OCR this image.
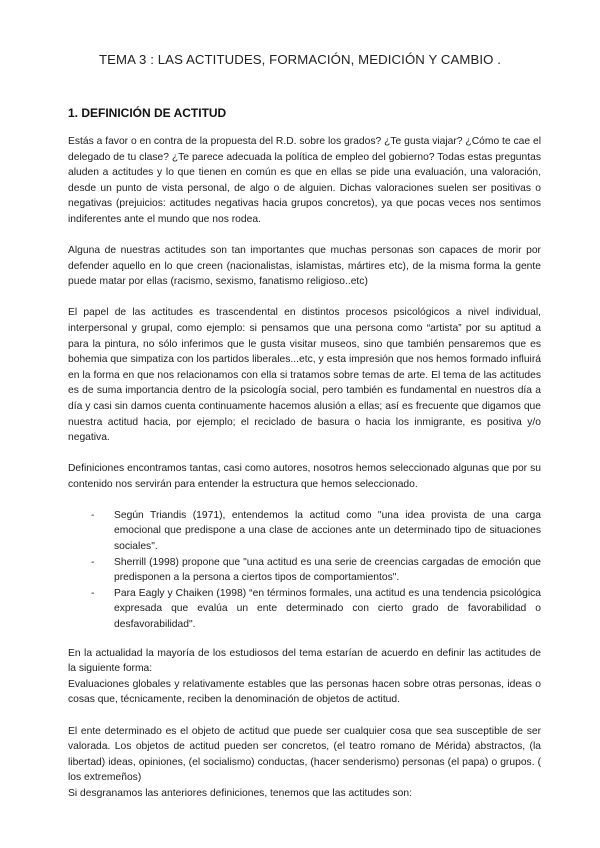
TEMA 3 : LAS ACTITUDES, FORMACIÓN, MEDICIÓN Y CAMBIO .
1. DEFINICIÓN DE ACTITUD

Estás a favor o en contra de la propuesta del R.D. sobre los grados? ¿Te gusta viajar? ¿Cómo te cae el delegado de tu clase? ¿Te parece adecuada la política de empleo del gobierno? Todas estas preguntas aluden a actitudes y lo que tienen en común es que en ellas se pide una evaluación, una valoración, desde un punto de vista personal, de algo o de alguien. Dichas valoraciones suelen ser positivas o negativas (prejuicios: actitudes negativas hacia grupos concretos), ya que pocas veces nos sentimos indiferentes ante el mundo que nos rodea.

Alguna de nuestras actitudes son tan importantes que muchas personas son capaces de morir por defender aquello en lo que creen (nacionalistas, islamistas, mártires etc), de la misma forma la gente puede matar por ellas (racismo, sexismo, fanatismo religioso..etc)

El papel de las actitudes es trascendental en distintos procesos psicológicos a nivel individual, interpersonal y grupal, como ejemplo: si pensamos que una persona como “artista” por su aptitud a para la pintura, no sólo inferimos que le gusta visitar museos, sino que también pensaremos que es bohemia que simpatiza con los partidos liberales...etc, y esta impresión que nos hemos formado influirá en la forma en que nos relacionamos con ella si tratamos sobre temas de arte. El tema de las actitudes es de suma importancia dentro de la psicología social, pero también es fundamental en nuestros día a día y casi sin damos cuenta continuamente hacemos alusión a ellas; así es frecuente que digamos que nuestra actitud hacia, por ejemplo; el reciclado de basura o hacia los inmigrante, es positiva y/o negativa.

Definiciones encontramos tantas, casi como autores, nosotros hemos seleccionado algunas que por su contenido nos servirán para entender la estructura que hemos seleccionado.

- Según Triandis (1971), entendemos la actitud como "una idea provista de una carga emocional que predispone a una clase de acciones ante un determinado tipo de situaciones sociales".
- Sherrill (1998) propone que "una actitud es una serie de creencias cargadas de emoción que predisponen a la persona a ciertos tipos de comportamientos".
- Para Eagly y Chaiken (1998) “en términos formales, una actitud es una tendencia psicológica expresada que evalúa un ente determinado con cierto grado de favorabilidad o desfavorabilidad".

En la actualidad la mayoría de los estudiosos del tema estarían de acuerdo en definir las actitudes de la siguiente forma:

Evaluaciones globales y relativamente estables que las personas hacen sobre otras personas, ideas o cosas que, técnicamente, reciben la denominación de objetos de actitud.

El ente determinado es el objeto de actitud que puede ser cualquier cosa que sea susceptible de ser valorada. Los objetos de actitud pueden ser concretos, (el teatro romano de Mérida) abstractos, (la libertad) ideas, opiniones, (el socialismo) conductas, (hacer senderismo) personas (el papa) o grupos. ( los extremeños)

Si desgranamos las anteriores definiciones, tenemos que las actitudes son:
